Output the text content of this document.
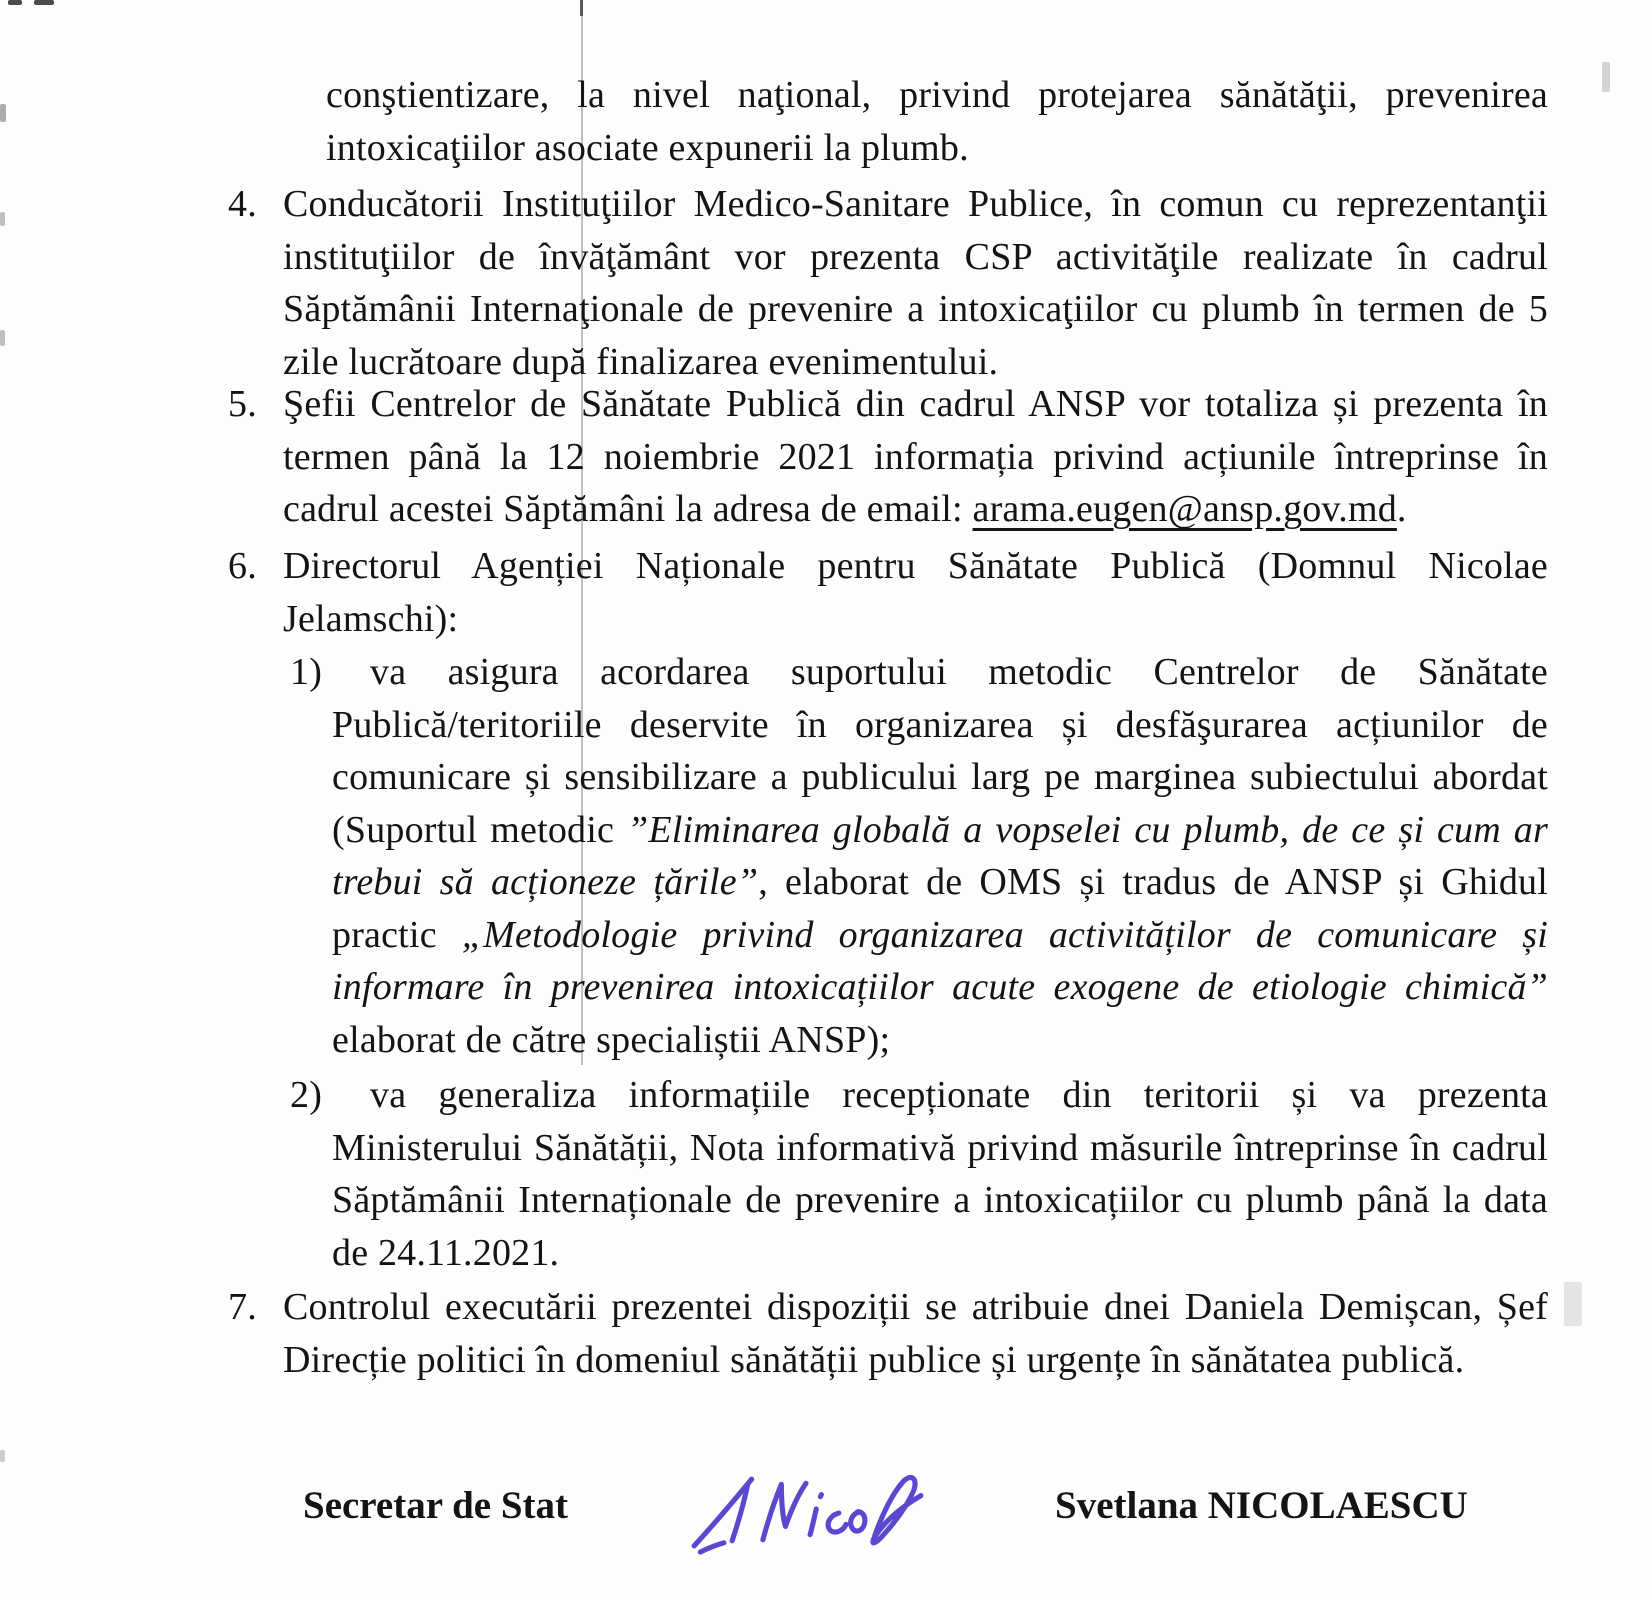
conştientizare, la nivel naţional, privind protejarea sănătăţii, prevenirea intoxicaţiilor asociate expunerii la plumb.
4. Conducătorii Instituţiilor Medico-Sanitare Publice, în comun cu reprezentanţii instituţiilor de învăţământ vor prezenta CSP activităţile realizate în cadrul Săptămânii Internaţionale de prevenire a intoxicaţiilor cu plumb în termen de 5 zile lucrătoare după finalizarea evenimentului.
5. Şefii Centrelor de Sănătate Publică din cadrul ANSP vor totaliza și prezenta în termen până la 12 noiembrie 2021 informația privind acțiunile întreprinse în cadrul acestei Săptămâni la adresa de email: arama.eugen@ansp.gov.md.
6. Directorul Agenției Naționale pentru Sănătate Publică (Domnul Nicolae Jelamschi):
1)	va asigura acordarea suportului metodic Centrelor de Sănătate Publică/teritoriile deservite în organizarea și desfăşurarea acțiunilor de comunicare și sensibilizare a publicului larg pe marginea subiectului abordat (Suportul metodic ”Eliminarea globală a vopselei cu plumb, de ce și cum ar trebui să acționeze țările”, elaborat de OMS și tradus de ANSP și Ghidul practic „Metodologie privind organizarea activităților de comunicare și informare în prevenirea intoxicațiilor acute exogene de etiologie chimică” elaborat de către specialiștii ANSP);
2)	va generaliza informațiile recepționate din teritorii și va prezenta Ministerului Sănătății, Nota informativă privind măsurile întreprinse în cadrul Săptămânii Internaționale de prevenire a intoxicațiilor cu plumb până la data de 24.11.2021.
7. Controlul executării prezentei dispoziții se atribuie dnei Daniela Demișcan, Șef Direcție politici în domeniul sănătății publice și urgențe în sănătatea publică.
Secretar de Stat	Svetlana NICOLAESCU
